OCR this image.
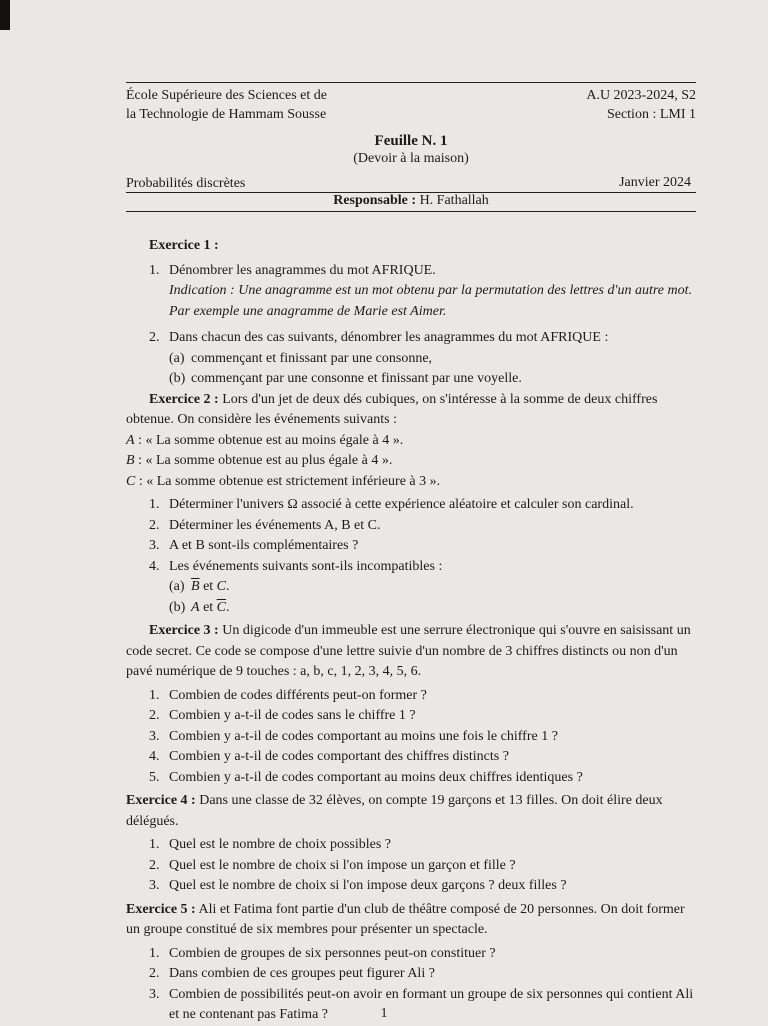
École Supérieure des Sciences et de
la Technologie de Hammam Sousse
A.U 2023-2024, S2
Section : LMI 1
Feuille N. 1
(Devoir à la maison)
Probabilités discrètes	Janvier 2024
Responsable : H. Fathallah
Exercice 1 :
1. Dénombrer les anagrammes du mot AFRIQUE.
Indication : Une anagramme est un mot obtenu par la permutation des lettres d'un autre mot. Par exemple une anagramme de Marie est Aimer.
2. Dans chacun des cas suivants, dénombrer les anagrammes du mot AFRIQUE :
(a) commençant et finissant par une consonne,
(b) commençant par une consonne et finissant par une voyelle.

Exercice 2 : Lors d'un jet de deux dés cubiques, on s'intéresse à la somme de deux chiffres obtenue. On considère les événements suivants :

A : « La somme obtenue est au moins égale à 4 ».

B : « La somme obtenue est au plus égale à 4 ».

C : « La somme obtenue est strictement inférieure à 3 ».

1. Déterminer l'univers Ω associé à cette expérience aléatoire et calculer son cardinal.
2. Déterminer les événements A, B et C.
3. A et B sont-ils complémentaires ?
4. Les événements suivants sont-ils incompatibles :
(a) $\overline{B}$ et C.
(b) A et $\overline{C}$.

Exercice 3 : Un digicode d'un immeuble est une serrure électronique qui s'ouvre en saisissant un code secret. Ce code se compose d'une lettre suivie d'un nombre de 3 chiffres distincts ou non d'un pavé numérique de 9 touches : a, b, c, 1, 2, 3, 4, 5, 6.

1. Combien de codes différents peut-on former ?
2. Combien y a-t-il de codes sans le chiffre 1 ?
3. Combien y a-t-il de codes comportant au moins une fois le chiffre 1 ?
4. Combien y a-t-il de codes comportant des chiffres distincts ?
5. Combien y a-t-il de codes comportant au moins deux chiffres identiques ?

Exercice 4 : Dans une classe de 32 élèves, on compte 19 garçons et 13 filles. On doit élire deux délégués.

1. Quel est le nombre de choix possibles ?
2. Quel est le nombre de choix si l'on impose un garçon et fille ?
3. Quel est le nombre de choix si l'on impose deux garçons ? deux filles ?

Exercice 5 : Ali et Fatima font partie d'un club de théâtre composé de 20 personnes. On doit former un groupe constitué de six membres pour présenter un spectacle.

1. Combien de groupes de six personnes peut-on constituer ?
2. Dans combien de ces groupes peut figurer Ali ?
3. Combien de possibilités peut-on avoir en formant un groupe de six personnes qui contient Ali et ne contenant pas Fatima ?	1
